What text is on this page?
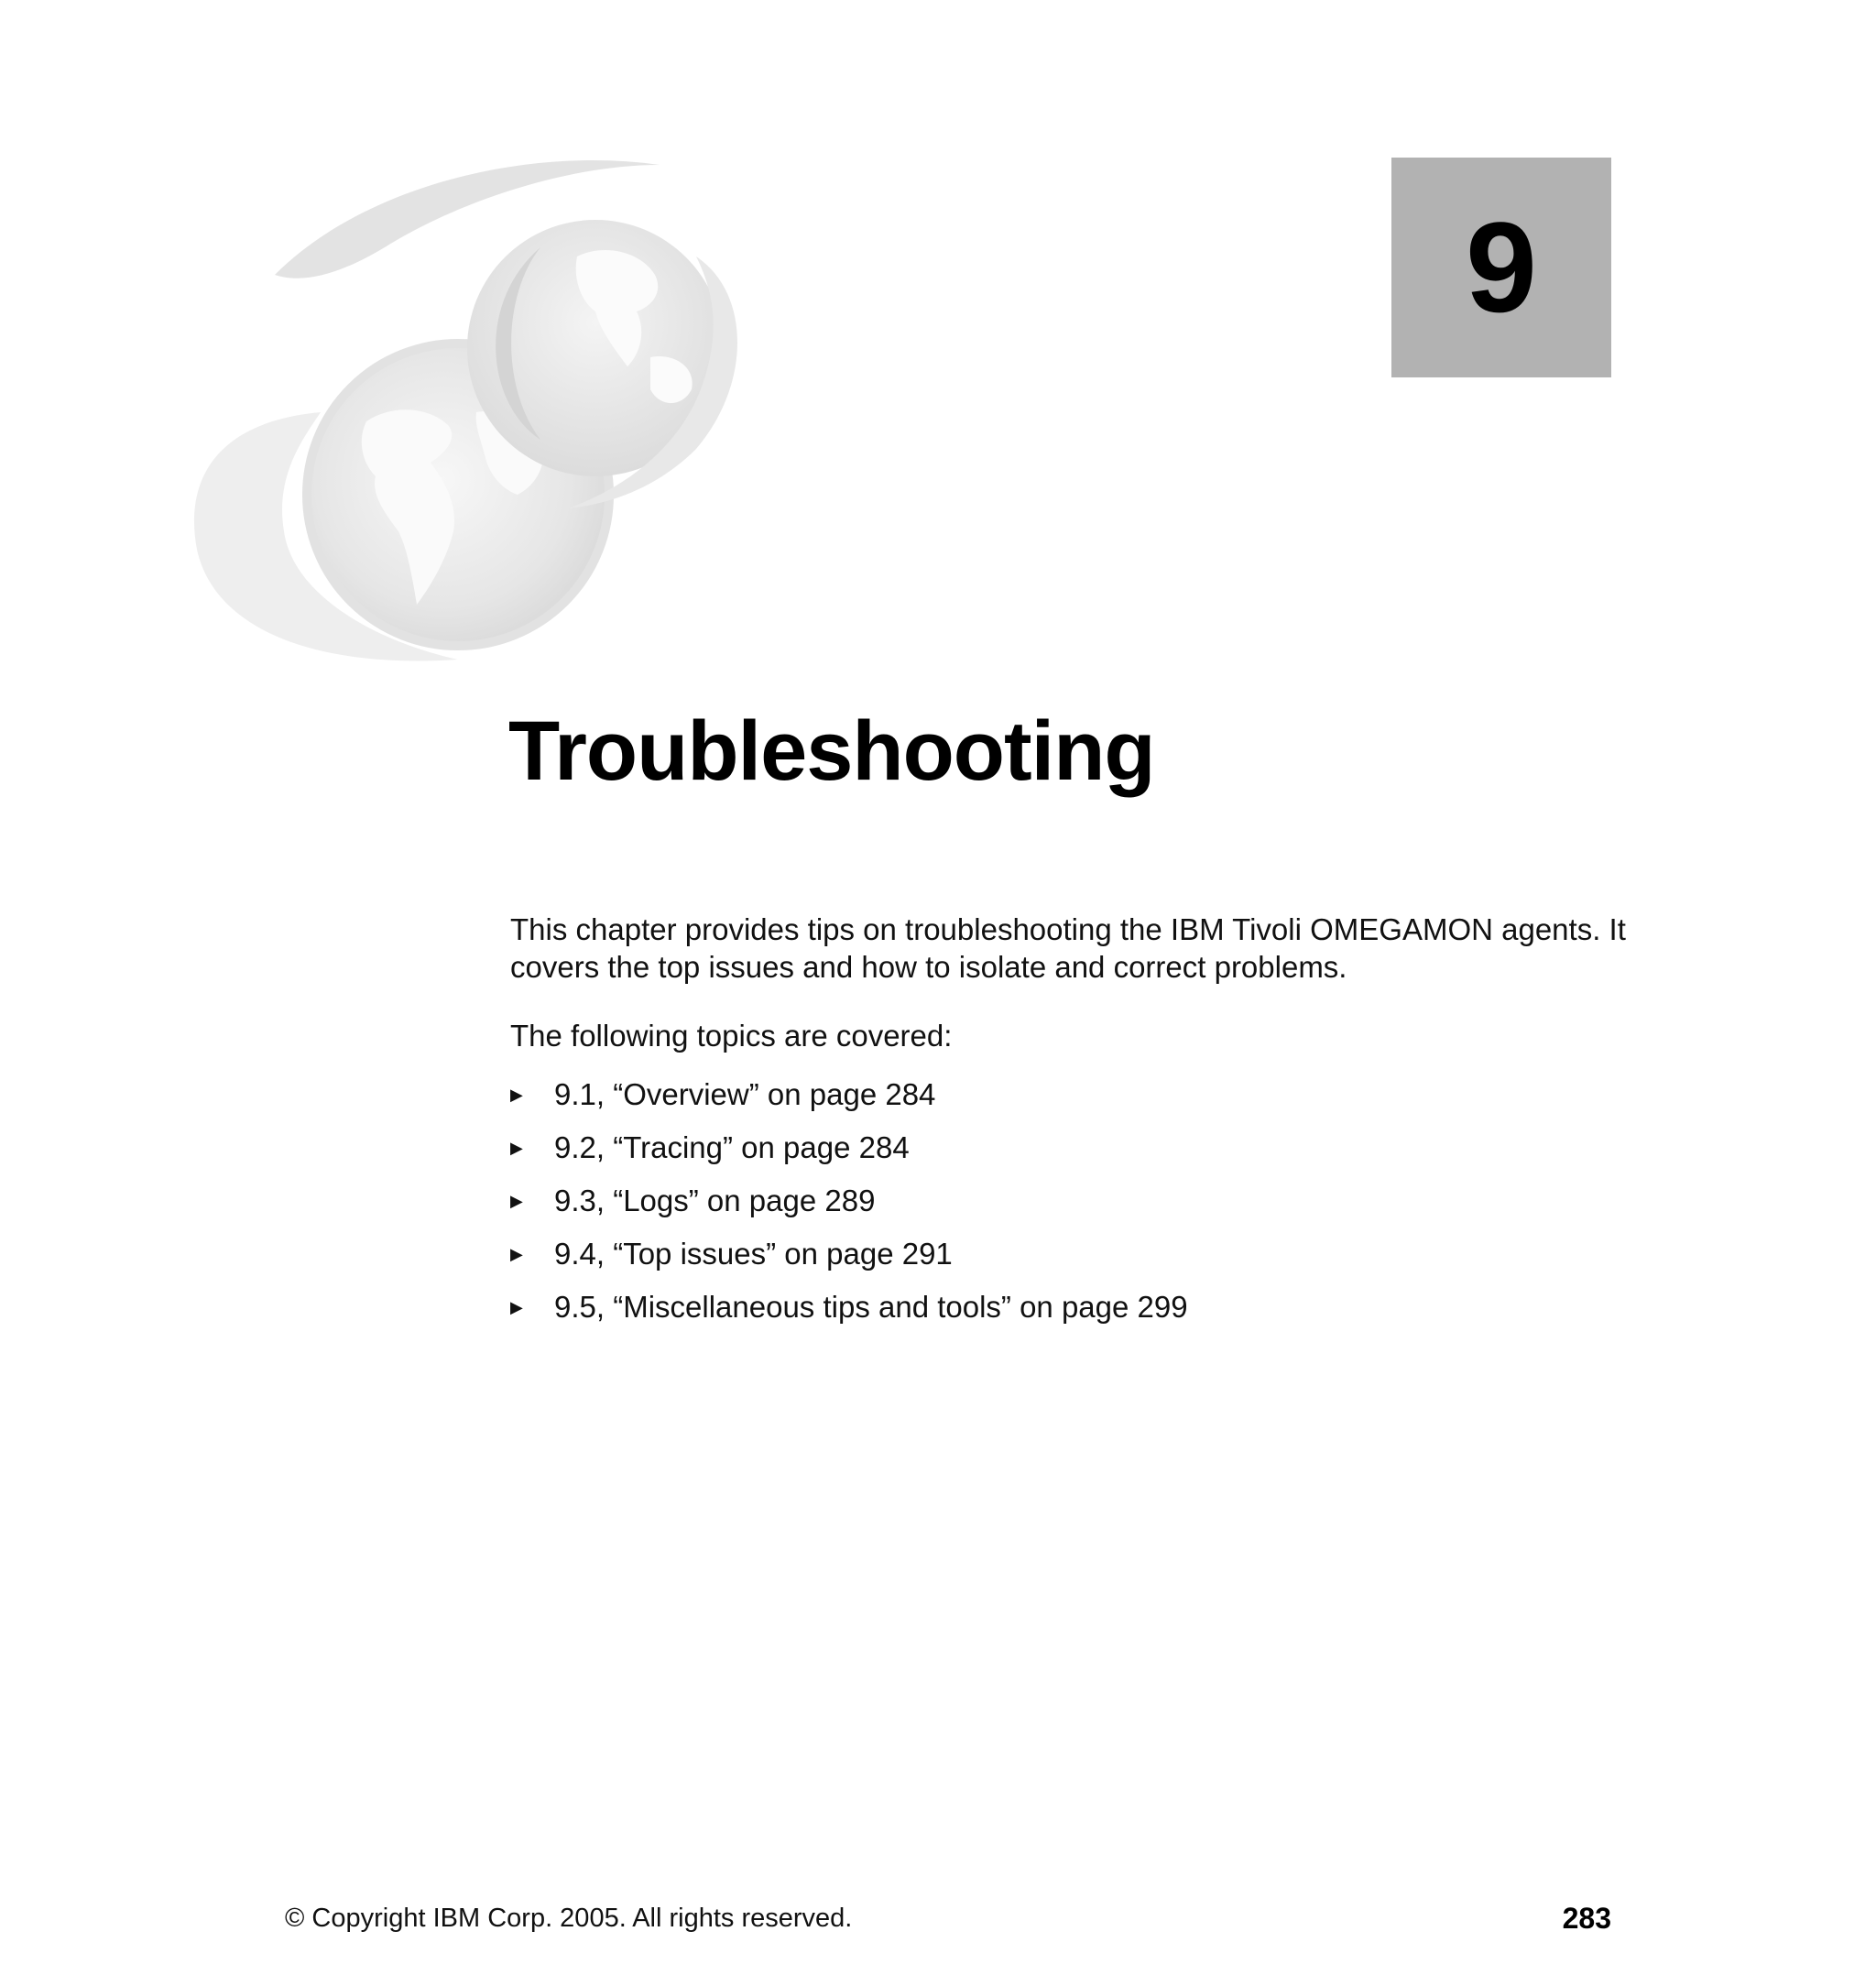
9
Troubleshooting

This chapter provides tips on troubleshooting the IBM Tivoli OMEGAMON agents. It covers the top issues and how to isolate and correct problems.

The following topics are covered:

▶	9.1, “Overview” on page 284
▶	9.2, “Tracing” on page 284
▶	9.3, “Logs” on page 289
▶	9.4, “Top issues” on page 291
▶	9.5, “Miscellaneous tips and tools” on page 299
© Copyright IBM Corp. 2005. All rights reserved.	283
